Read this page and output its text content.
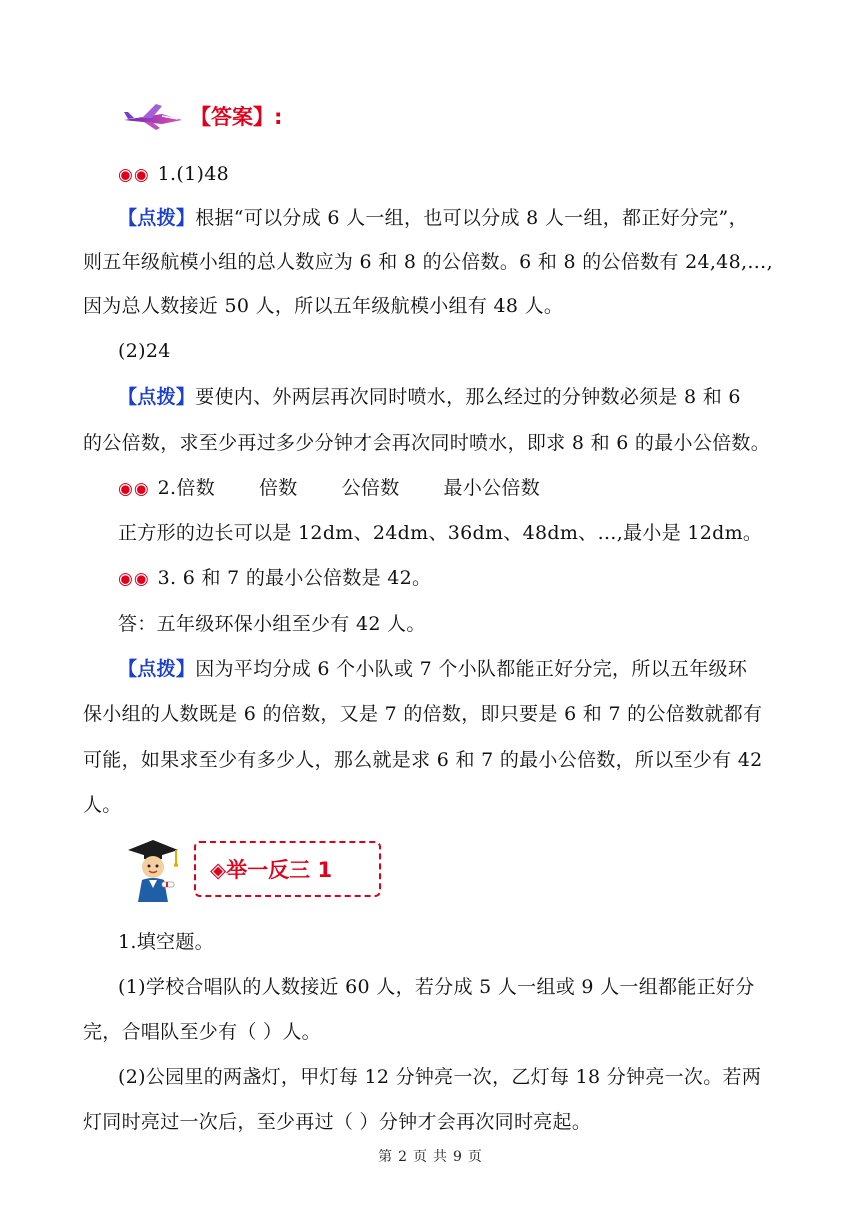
【答案】:
◉◉ 1.(1)48
【点拨】根据“可以分成 6 人一组，也可以分成 8 人一组，都正好分完”，
则五年级航模小组的总人数应为 6 和 8 的公倍数。6 和 8 的公倍数有 24,48,…,
因为总人数接近 50 人，所以五年级航模小组有 48 人。
(2)24
【点拨】要使内、外两层再次同时喷水，那么经过的分钟数必须是 8 和 6
的公倍数，求至少再过多少分钟才会再次同时喷水，即求 8 和 6 的最小公倍数。
◉◉ 2.倍数 倍数 公倍数 最小公倍数
正方形的边长可以是 12dm、24dm、36dm、48dm、…,最小是 12dm。
◉◉ 3. 6 和 7 的最小公倍数是 42。
答：五年级环保小组至少有 42 人。
【点拨】因为平均分成 6 个小队或 7 个小队都能正好分完，所以五年级环
保小组的人数既是 6 的倍数，又是 7 的倍数，即只要是 6 和 7 的公倍数就都有
可能，如果求至少有多少人，那么就是求 6 和 7 的最小公倍数，所以至少有 42
人。
◈举一反三 1
1.填空题。
(1)学校合唱队的人数接近 60 人，若分成 5 人一组或 9 人一组都能正好分
完，合唱队至少有（ ）人。
(2)公园里的两盏灯，甲灯每 12 分钟亮一次，乙灯每 18 分钟亮一次。若两
灯同时亮过一次后，至少再过（ ）分钟才会再次同时亮起。
第 2 页 共 9 页
